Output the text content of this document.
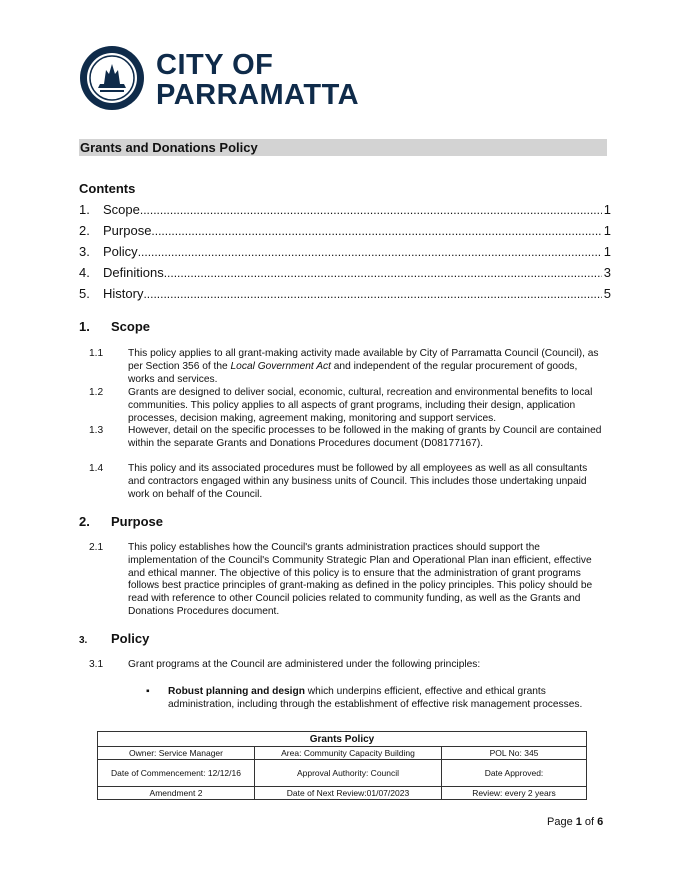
CITY OF
PARRAMATTA
Grants and Donations Policy
Contents
1.	Scope .....	1
2.	Purpose .....	1
3.	Policy .....	1
4.	Definitions .....	3
5.	History .....	5
1. Scope
1.1 This policy applies to all grant-making activity made available by City of Parramatta Council (Council), as per Section 356 of the Local Government Act and independent of the regular procurement of goods, works and services.
1.2 Grants are designed to deliver social, economic, cultural, recreation and environmental benefits to local communities. This policy applies to all aspects of grant programs, including their design, application processes, decision making, agreement making, monitoring and support services.
1.3 However, detail on the specific processes to be followed in the making of grants by Council are contained within the separate Grants and Donations Procedures document (D08177167).
1.4 This policy and its associated procedures must be followed by all employees as well as all consultants and contractors engaged within any business units of Council. This includes those undertaking unpaid work on behalf of the Council.
2. Purpose
2.1 This policy establishes how the Council's grants administration practices should support the implementation of the Council's Community Strategic Plan and Operational Plan inan efficient, effective and ethical manner. The objective of this policy is to ensure that the administration of grant programs follows best practice principles of grant-making as defined in the policy principles. This policy should be read with reference to other Council policies related to community funding, as well as the Grants and Donations Procedures document.
3. Policy
3.1 Grant programs at the Council are administered under the following principles:
▪ Robust planning and design which underpins efficient, effective and ethical grants administration, including through the establishment of effective risk management processes.
Grants Policy		
Owner: Service Manager	Area: Community Capacity Building	POL No: 345
Date of Commencement: 12/12/16	Approval Authority: Council	Date Approved:
Amendment 2	Date of Next Review:01/07/2023	Review: every 2 years
Page 1 of 6
